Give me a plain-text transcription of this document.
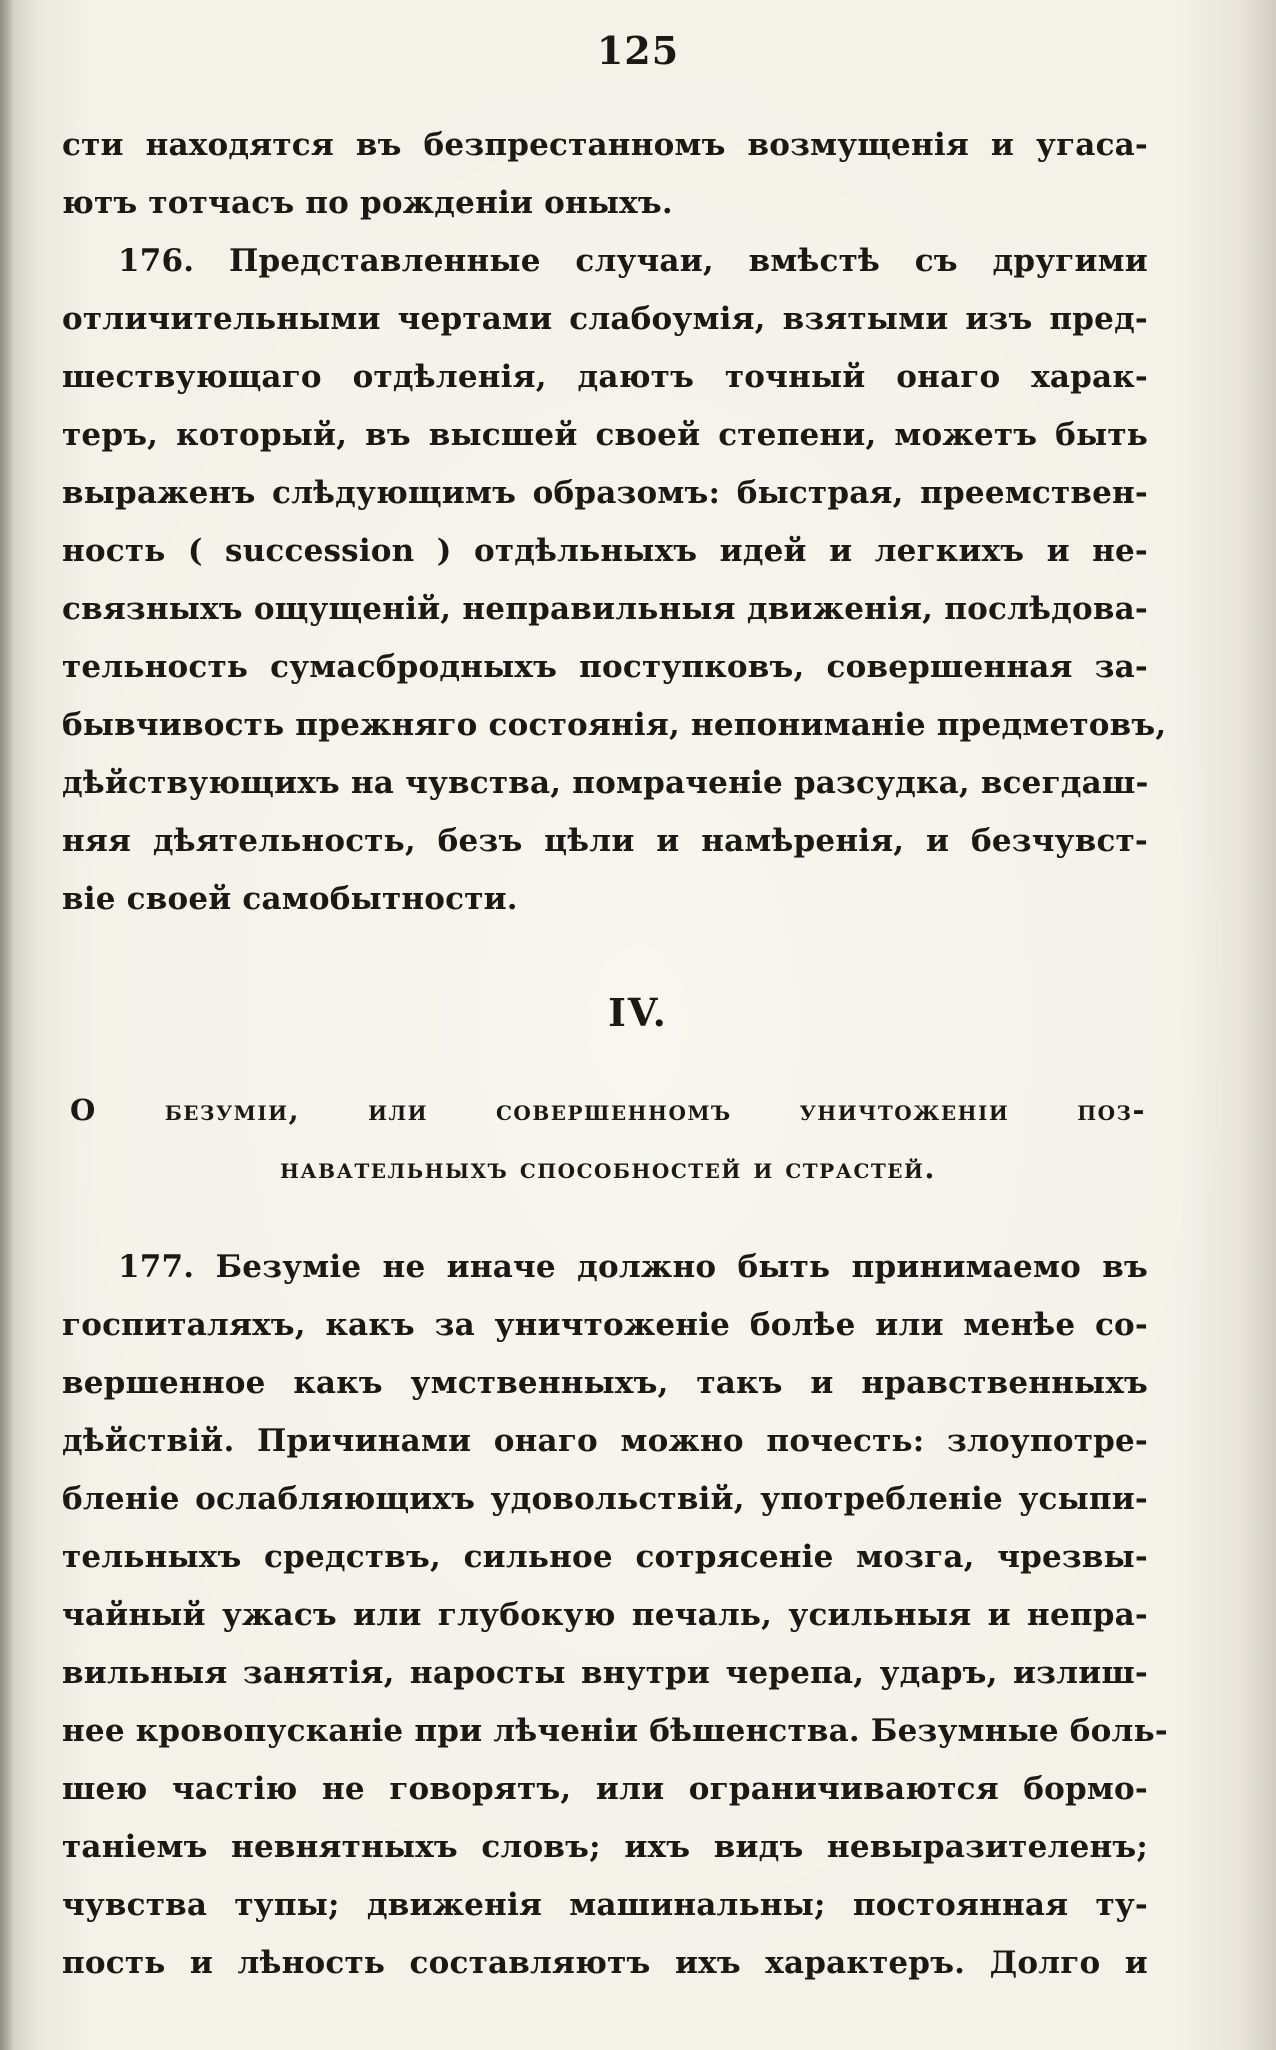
125
сти находятся въ безпрестанномъ возмущенія и угаса-
ютъ тотчасъ по рожденіи оныхъ.
176. Представленные случаи, вмѣстѣ съ другими
отличительными чертами слабоумія, взятыми изъ пред-
шествующаго отдѣленія, даютъ точный онаго харак-
теръ, который, въ высшей своей степени, можетъ быть
выраженъ слѣдующимъ образомъ: быстрая, преемствен-
ность ( succession ) отдѣльныхъ идей и легкихъ и не-
связныхъ ощущеній, неправильныя движенія, послѣдова-
тельность сумасбродныхъ поступковъ, совершенная за-
бывчивость прежняго состоянія, непониманіе предметовъ,
дѣйствующихъ на чувства, помраченіе разсудка, всегдаш-
няя дѣятельность, безъ цѣли и намѣренія, и безчувст-
віе своей самобытности.
IV.
О безуміи, или совершенномъ уничтоженіи поз-
навательныхъ способностей и страстей.
177. Безуміе не иначе должно быть принимаемо въ
госпиталяхъ, какъ за уничтоженіе болѣе или менѣе со-
вершенное какъ умственныхъ, такъ и нравственныхъ
дѣйствій. Причинами онаго можно почесть: злоупотре-
бленіе ослабляющихъ удовольствій, употребленіе усыпи-
тельныхъ средствъ, сильное сотрясеніе мозга, чрезвы-
чайный ужасъ или глубокую печаль, усильныя и непра-
вильныя занятія, наросты внутри черепа, ударъ, излиш-
нее кровопусканіе при лѣченіи бѣшенства. Безумные боль-
шею частію не говорятъ, или ограничиваются бормо-
таніемъ невнятныхъ словъ; ихъ видъ невыразителенъ;
чувства тупы; движенія машинальны; постоянная ту-
пость и лѣность составляютъ ихъ характеръ. Долго и
